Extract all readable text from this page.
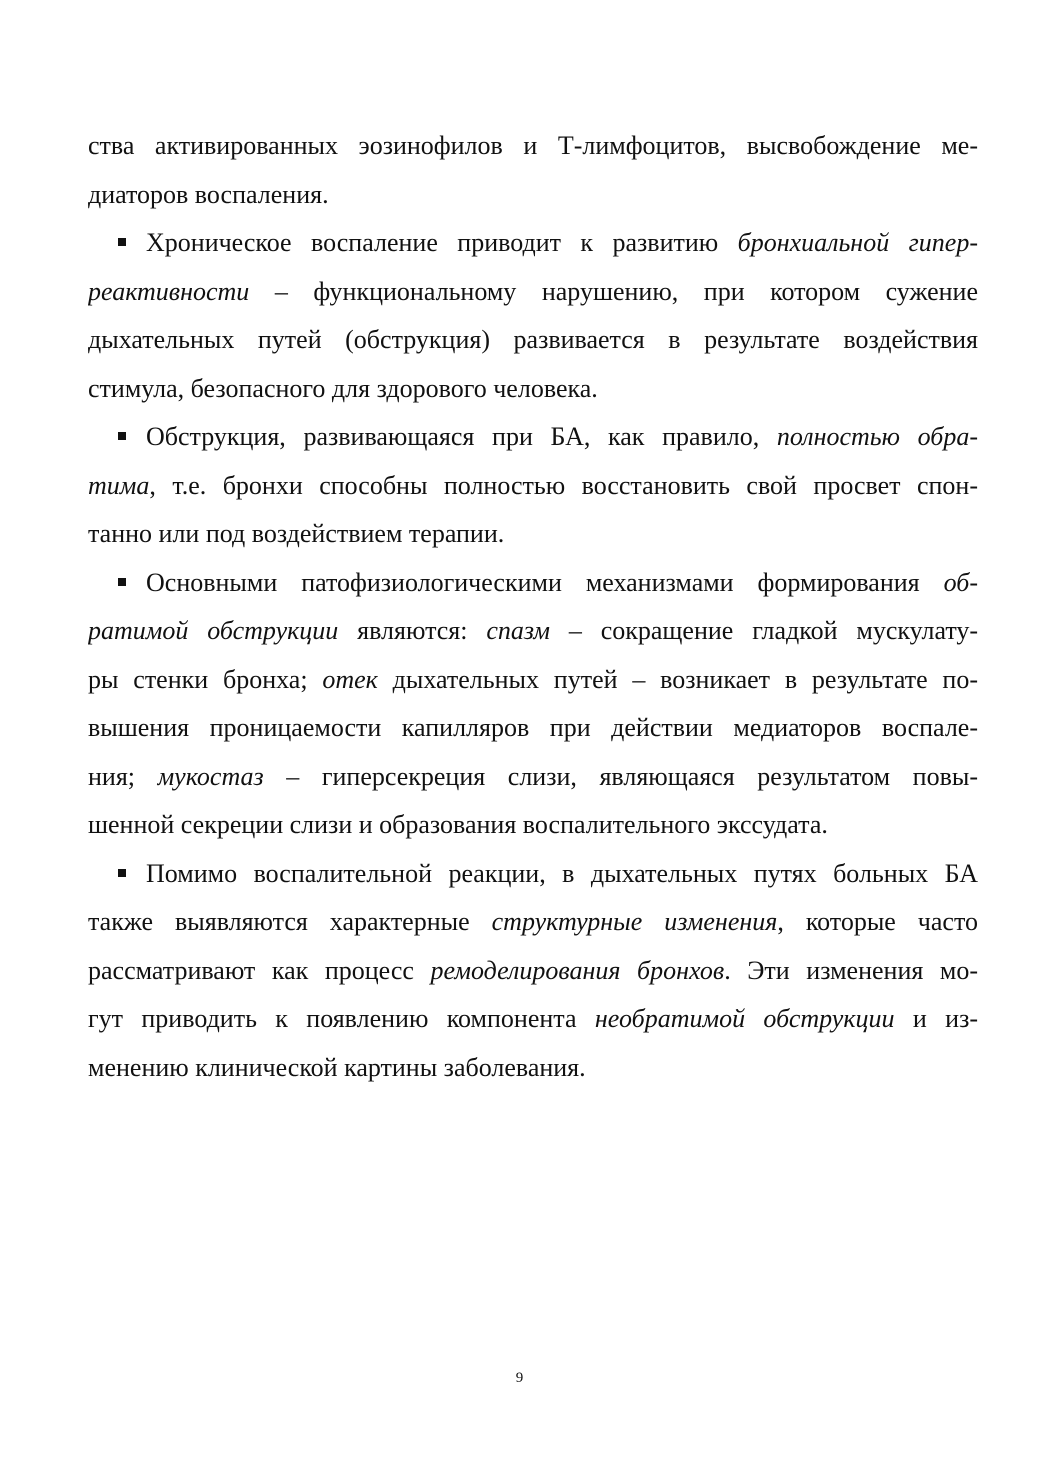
ства активированных эозинофилов и Т-лимфоцитов, высвобождение ме-
диаторов воспаления.
Хроническое воспаление приводит к развитию бронхиальной гипер-
реактивности – функциональному нарушению, при котором сужение
дыхательных путей (обструкция) развивается в результате воздействия
стимула, безопасного для здорового человека.
Обструкция, развивающаяся при БА, как правило, полностью обра-
тима, т.е. бронхи способны полностью восстановить свой просвет спон-
танно или под воздействием терапии.
Основными патофизиологическими механизмами формирования об-
ратимой обструкции являются: спазм – сокращение гладкой мускулату-
ры стенки бронха; отек дыхательных путей – возникает в результате по-
вышения проницаемости капилляров при действии медиаторов воспале-
ния; мукостаз – гиперсекреция слизи, являющаяся результатом повы-
шенной секреции слизи и образования воспалительного экссудата.
Помимо воспалительной реакции, в дыхательных путях больных БА
также выявляются характерные структурные изменения, которые часто
рассматривают как процесс ремоделирования бронхов. Эти изменения мо-
гут приводить к появлению компонента необратимой обструкции и из-
менению клинической картины заболевания.
9
